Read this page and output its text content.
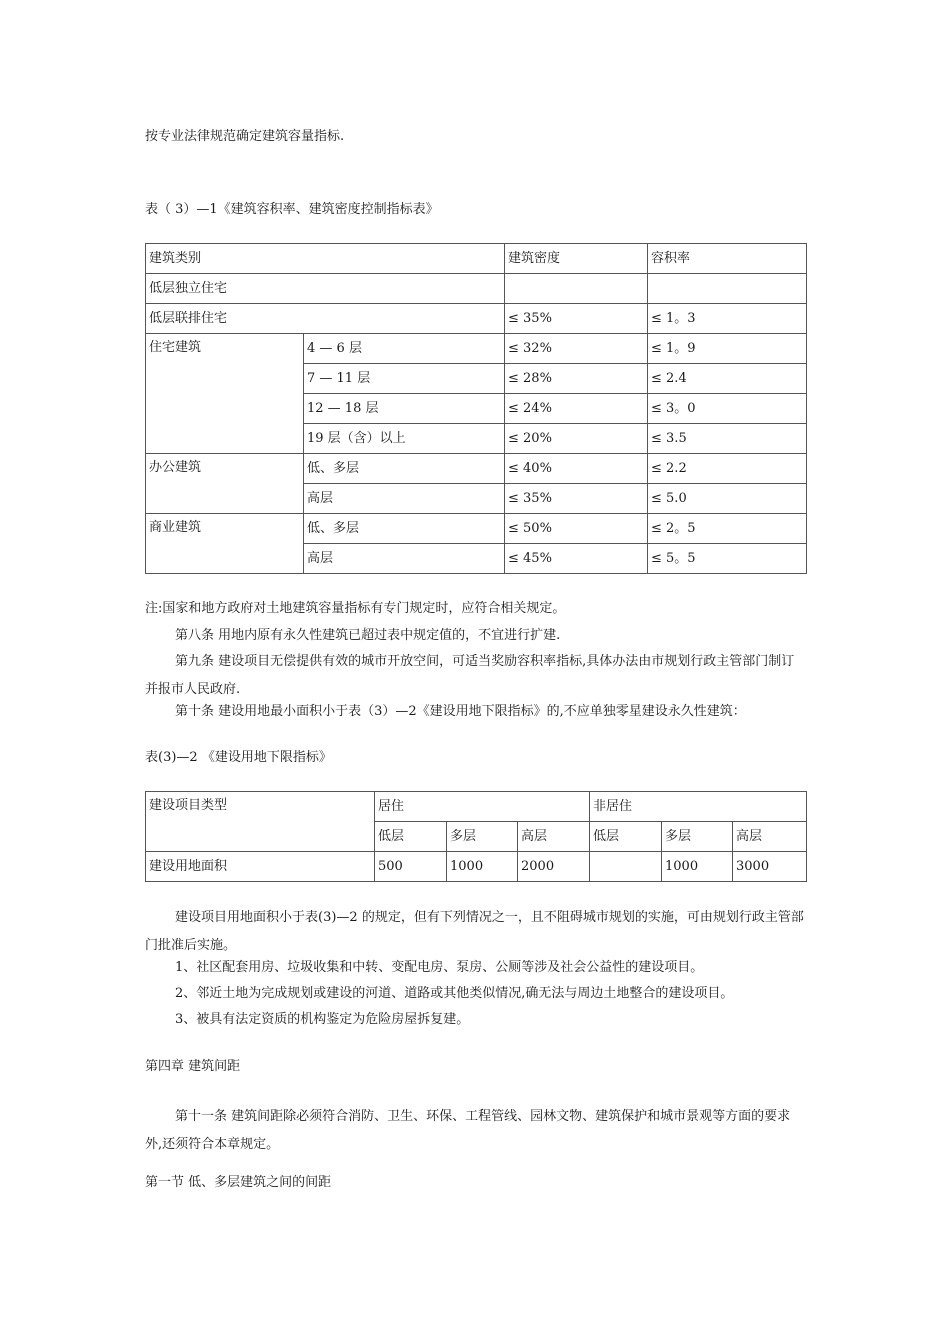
按专业法律规范确定建筑容量指标.
表（ 3）—1《建筑容积率、建筑密度控制指标表》
建筑类别		建筑密度	容积率
低层独立住宅			
低层联排住宅		≤ 35%	≤ 1。3
住宅建筑	4 — 6 层	≤ 32%	≤ 1。9
	7 — 11 层	≤ 28%	≤ 2.4
	12 — 18 层	≤ 24%	≤ 3。0
	19 层（含）以上	≤ 20%	≤ 3.5
办公建筑	低、多层	≤ 40%	≤ 2.2
	高层	≤ 35%	≤ 5.0
商业建筑	低、多层	≤ 50%	≤ 2。5
	高层	≤ 45%	≤ 5。5
注:国家和地方政府对土地建筑容量指标有专门规定时，应符合相关规定。
第八条 用地内原有永久性建筑已超过表中规定值的，不宜进行扩建.
第九条 建设项目无偿提供有效的城市开放空间，可适当奖励容积率指标,具体办法由市规划行政主管部门制订并报市人民政府.
第十条 建设用地最小面积小于表（3）—2《建设用地下限指标》的,不应单独零星建设永久性建筑：
表(3)—2 《建设用地下限指标》
建设项目类型	居住			非居住		
	低层	多层	高层	低层	多层	高层
建设用地面积	500	1000	2000		1000	3000
建设项目用地面积小于表(3)—2 的规定，但有下列情况之一，且不阻碍城市规划的实施，可由规划行政主管部门批准后实施。
1、社区配套用房、垃圾收集和中转、变配电房、泵房、公厕等涉及社会公益性的建设项目。
2、邻近土地为完成规划或建设的河道、道路或其他类似情况,确无法与周边土地整合的建设项目。
3、被具有法定资质的机构鉴定为危险房屋拆复建。
第四章 建筑间距
第十一条 建筑间距除必须符合消防、卫生、环保、工程管线、园林文物、建筑保护和城市景观等方面的要求外,还须符合本章规定。
第一节 低、多层建筑之间的间距
